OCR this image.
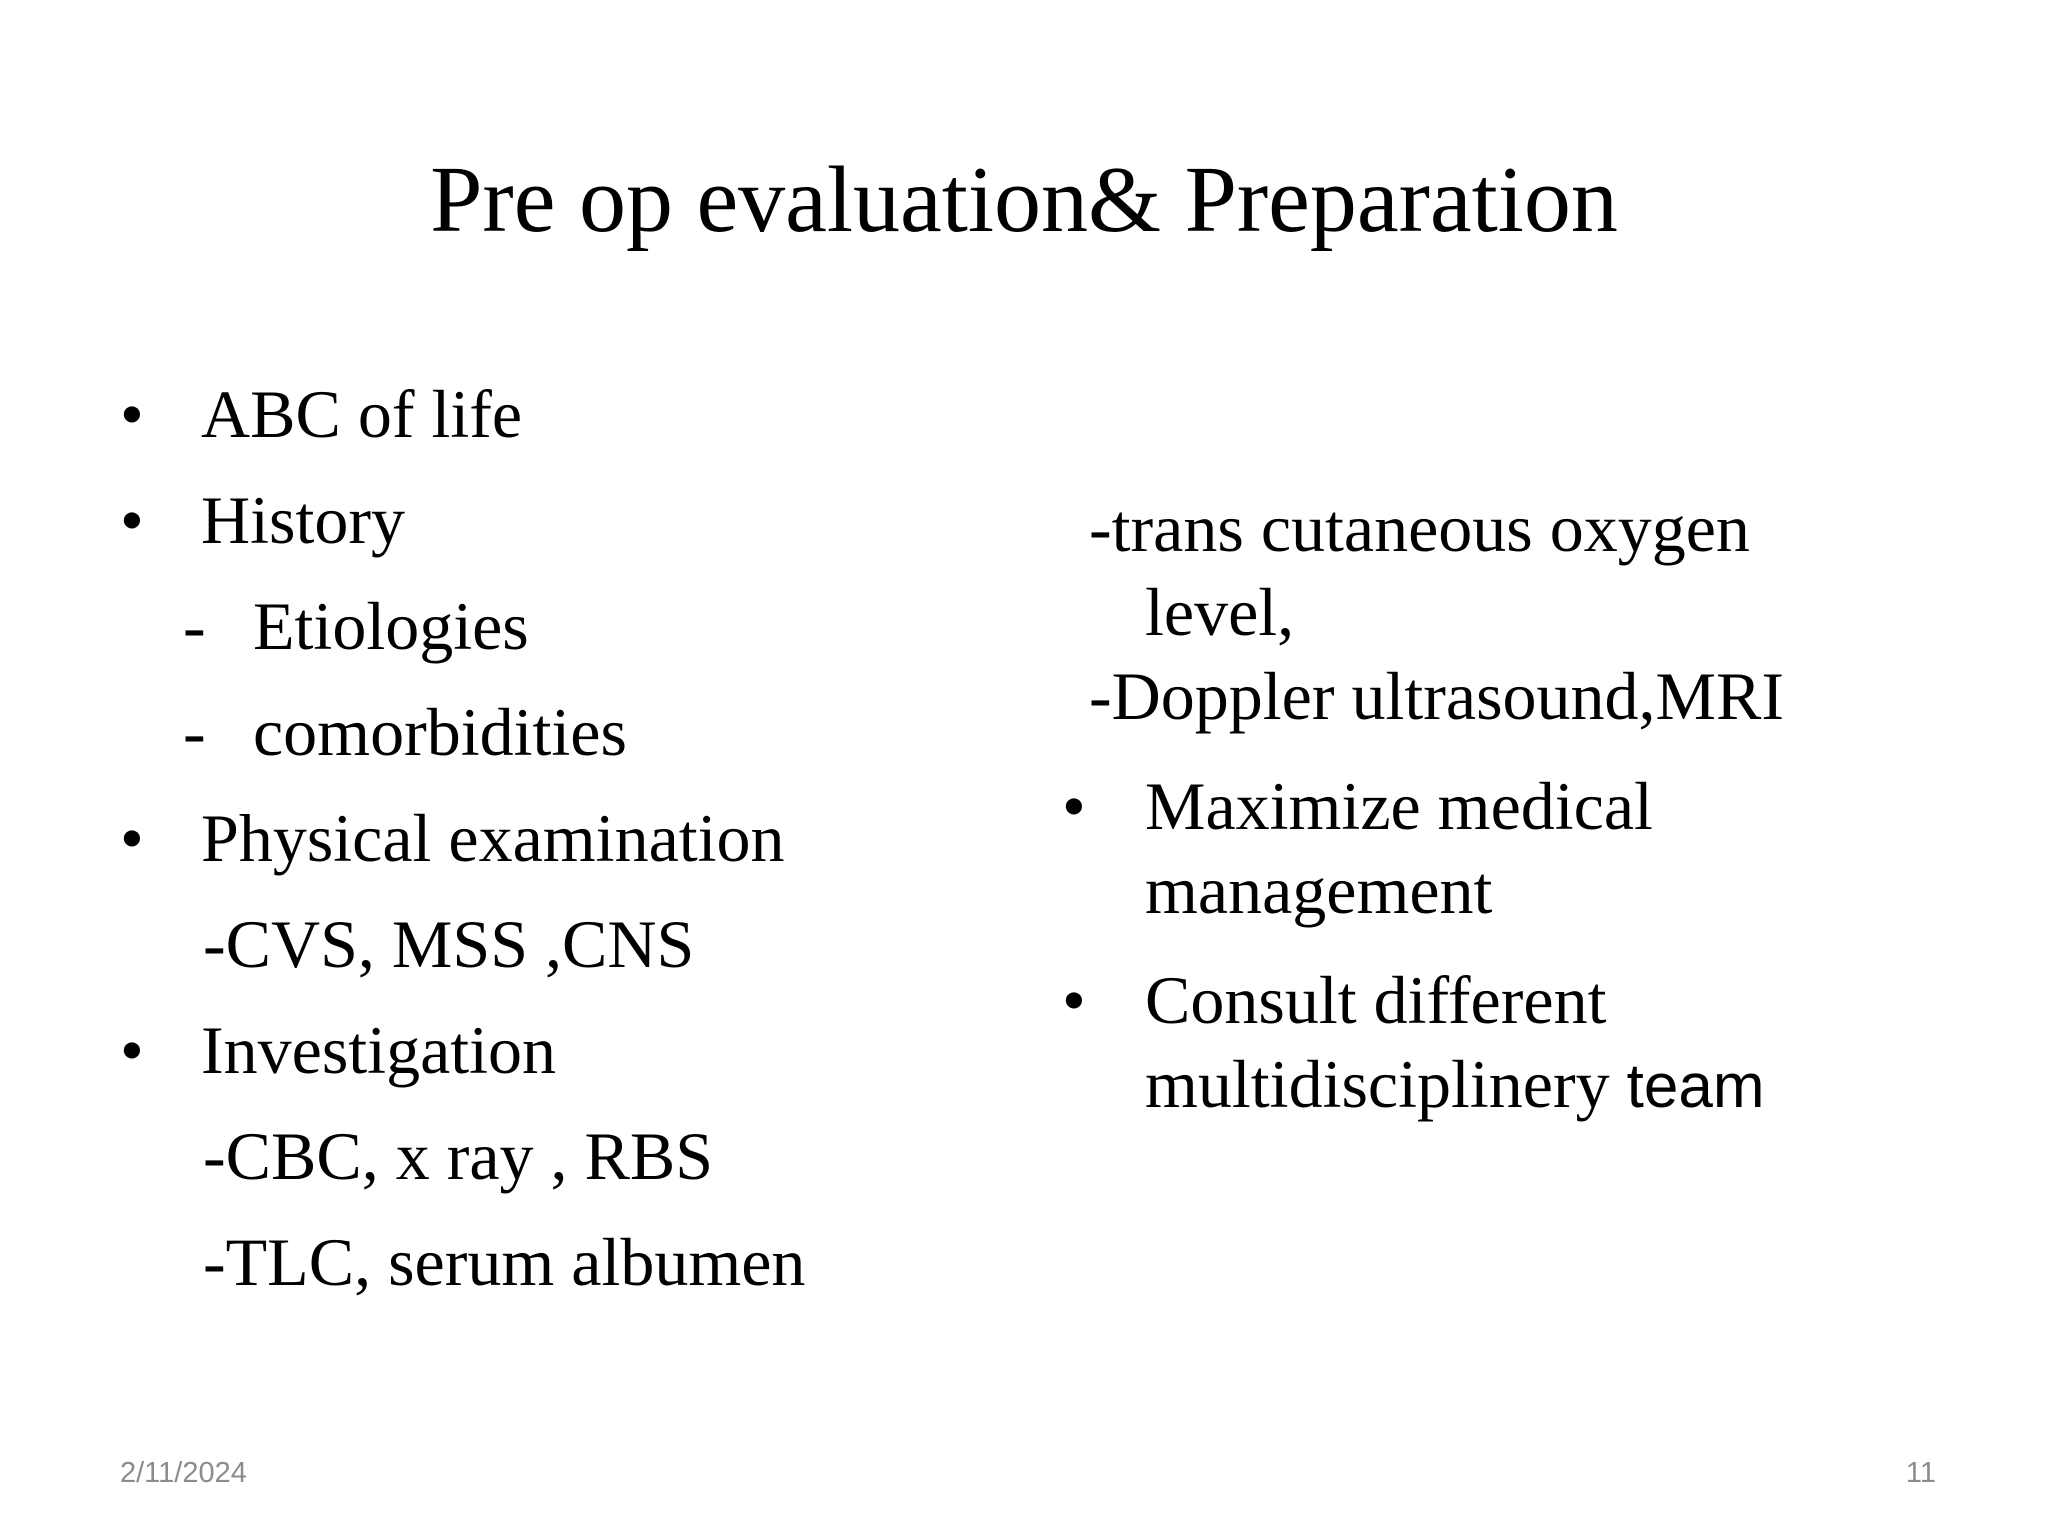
Pre op evaluation& Preparation
• ABC of life
• History
- Etiologies
- comorbidities
• Physical examination
-CVS, MSS ,CNS
• Investigation
-CBC, x ray , RBS
-TLC, serum albumen
-trans cutaneous oxygen
level,
-Doppler ultrasound,MRI
• Maximize medical
management
• Consult different
multidisciplinery team
2/11/2024	11
